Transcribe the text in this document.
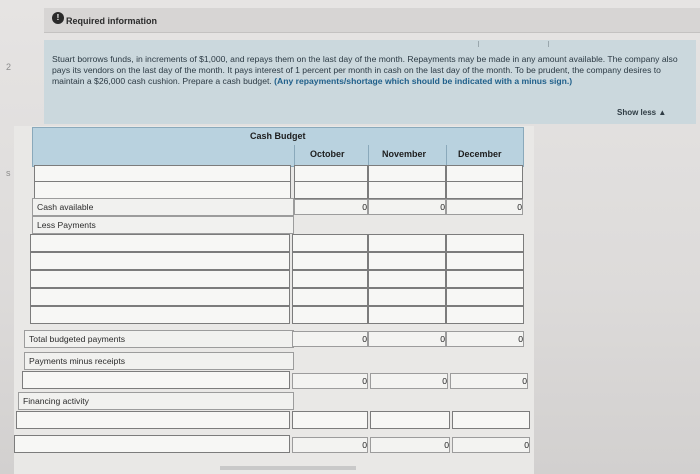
2
s
! Required information
Stuart borrows funds, in increments of $1,000, and repays them on the last day of the month. Repayments may be made in any amount available. The company also pays its vendors on the last day of the month. It pays interest of 1 percent per month in cash on the last day of the month. To be prudent, the company desires to maintain a $26,000 cash cushion. Prepare a cash budget. (Any repayments/shortage which should be indicated with a minus sign.)
Show less ▲
Cash Budget
October	November	December
Cash available	0	0	0
Less Payments
Total budgeted payments	0	0	0
Payments minus receipts
0	0	0
Financing activity
0	0	0
